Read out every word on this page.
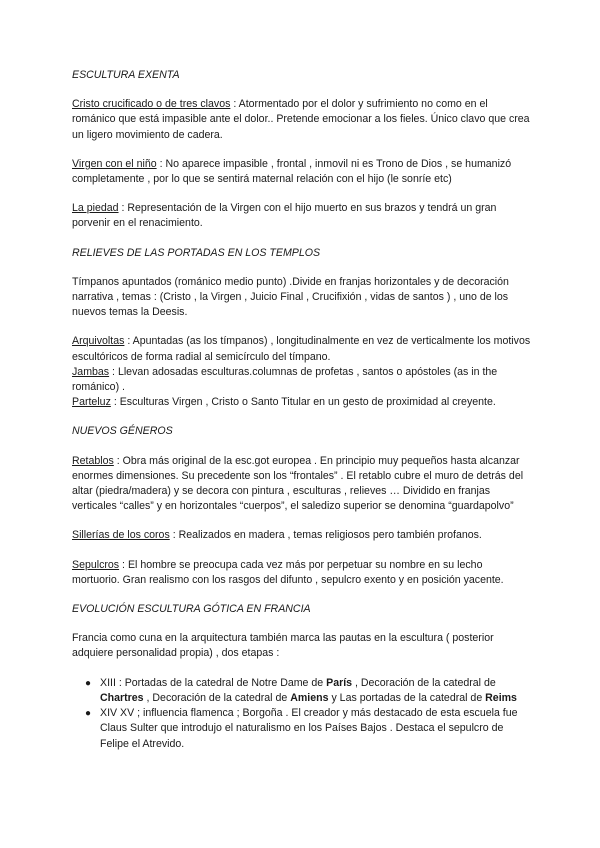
ESCULTURA EXENTA

Cristo crucificado o de tres clavos : Atormentado por el dolor y sufrimiento no como en el románico que está impasible ante el dolor.. Pretende emocionar a los fieles. Único clavo que crea un ligero movimiento de cadera.

Virgen con el niño : No aparece impasible , frontal , inmovil ni es Trono de Dios , se humanizó completamente , por lo que se sentirá maternal relación con el hijo (le sonríe etc)

La piedad : Representación de la Virgen con el hijo muerto en sus brazos y tendrá un gran porvenir en el renacimiento.

RELIEVES DE LAS PORTADAS EN LOS TEMPLOS

Tímpanos apuntados (románico medio punto) .Divide en franjas horizontales y de decoración narrativa , temas : (Cristo , la Virgen , Juicio Final , Crucifixión , vidas de santos ) , uno de los nuevos temas la Deesis.

Arquivoltas : Apuntadas (as los tímpanos) , longitudinalmente en vez de verticalmente los motivos escultóricos de forma radial al semicírculo del tímpano.

Jambas : Llevan adosadas esculturas.columnas de profetas , santos o apóstoles (as in the románico) .

Parteluz : Esculturas Virgen , Cristo o Santo Titular en un gesto de proximidad al creyente.

NUEVOS GÉNEROS

Retablos : Obra más original de la esc.got europea . En principio muy pequeños hasta alcanzar enormes dimensiones. Su precedente son los “frontales” . El retablo cubre el muro de detrás del altar (piedra/madera) y se decora con pintura , esculturas , relieves … Dividido en franjas verticales “calles” y en horizontales “cuerpos”, el saledizo superior se denomina “guardapolvo”

Sillerías de los coros : Realizados en madera , temas religiosos pero también profanos.

Sepulcros : El hombre se preocupa cada vez más por perpetuar su nombre en su lecho mortuorio. Gran realismo con los rasgos del difunto , sepulcro exento y en posición yacente.

EVOLUCIÓN ESCULTURA GÓTICA EN FRANCIA

Francia como cuna en la arquitectura también marca las pautas en la escultura ( posterior adquiere personalidad propia) , dos etapas :

● XIII : Portadas de la catedral de Notre Dame de París , Decoración de la catedral de Chartres , Decoración de la catedral de Amiens y Las portadas de la catedral de Reims
● XIV XV ; influencia flamenca ; Borgoña . El creador y más destacado de esta escuela fue Claus Sulter que introdujo el naturalismo en los Países Bajos . Destaca el sepulcro de Felipe el Atrevido.
